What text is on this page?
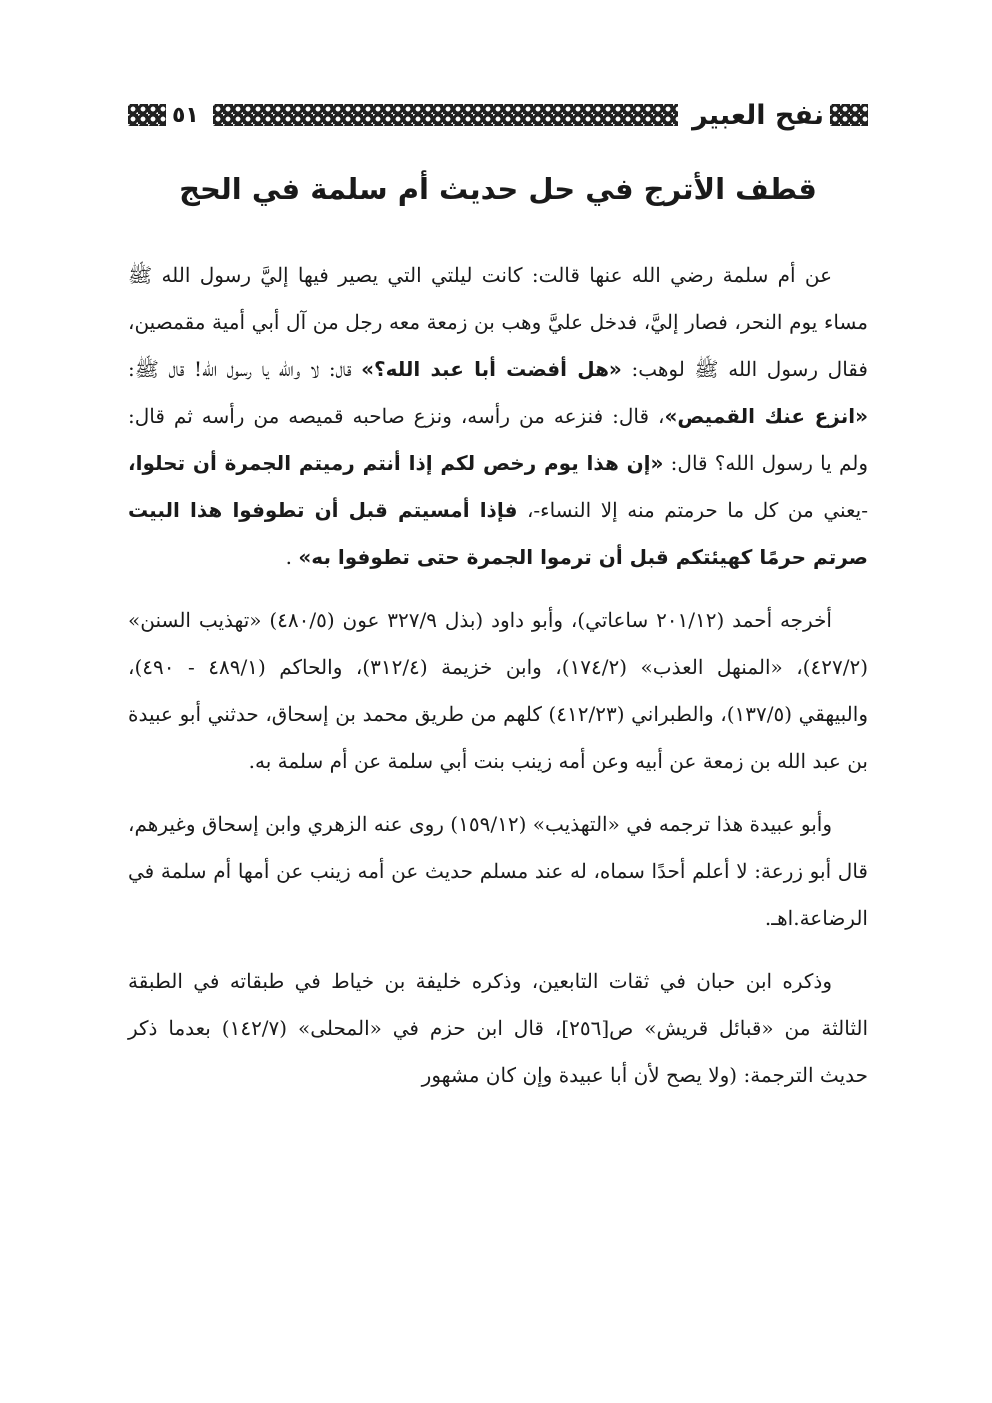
نفح العبير
٥١
قطف الأترج في حل حديث أم سلمة في الحج

عن أم سلمة رضي الله عنها قالت: كانت ليلتي التي يصير فيها إليَّ رسول الله ﷺ مساء يوم النحر، فصار إليَّ، فدخل عليَّ وهب بن زمعة معه رجل من آل أبي أمية مقمصين، فقال رسول الله ﷺ لوهب: «هل أفضت أبا عبد الله؟» قال: لا والله يا رسول الله! قال ﷺ: «انزع عنك القميص»، قال: فنزعه من رأسه، ونزع صاحبه قميصه من رأسه ثم قال: ولم يا رسول الله؟ قال: «إن هذا يوم رخص لكم إذا أنتم رميتم الجمرة أن تحلوا، -يعني من كل ما حرمتم منه إلا النساء-، فإذا أمسيتم قبل أن تطوفوا هذا البيت صرتم حرمًا كهيئتكم قبل أن ترموا الجمرة حتى تطوفوا به» .

أخرجه أحمد (٢٠١/١٢ ساعاتي)، وأبو داود (بذل ٣٢٧/٩ عون (٤٨٠/٥) «تهذيب السنن» (٤٢٧/٢)، «المنهل العذب» (١٧٤/٢)، وابن خزيمة (٣١٢/٤)، والحاكم (٤٨٩/١ - ٤٩٠)، والبيهقي (١٣٧/٥)، والطبراني (٤١٢/٢٣) كلهم من طريق محمد بن إسحاق، حدثني أبو عبيدة بن عبد الله بن زمعة عن أبيه وعن أمه زينب بنت أبي سلمة عن أم سلمة به.

وأبو عبيدة هذا ترجمه في «التهذيب» (١٥٩/١٢) روى عنه الزهري وابن إسحاق وغيرهم، قال أبو زرعة: لا أعلم أحدًا سماه، له عند مسلم حديث عن أمه زينب عن أمها أم سلمة في الرضاعة.اهـ.

وذكره ابن حبان في ثقات التابعين، وذكره خليفة بن خياط في طبقاته في الطبقة الثالثة من «قبائل قريش» ص[٢٥٦]، قال ابن حزم في «المحلى» (١٤٢/٧) بعدما ذكر حديث الترجمة: (ولا يصح لأن أبا عبيدة وإن كان مشهور
